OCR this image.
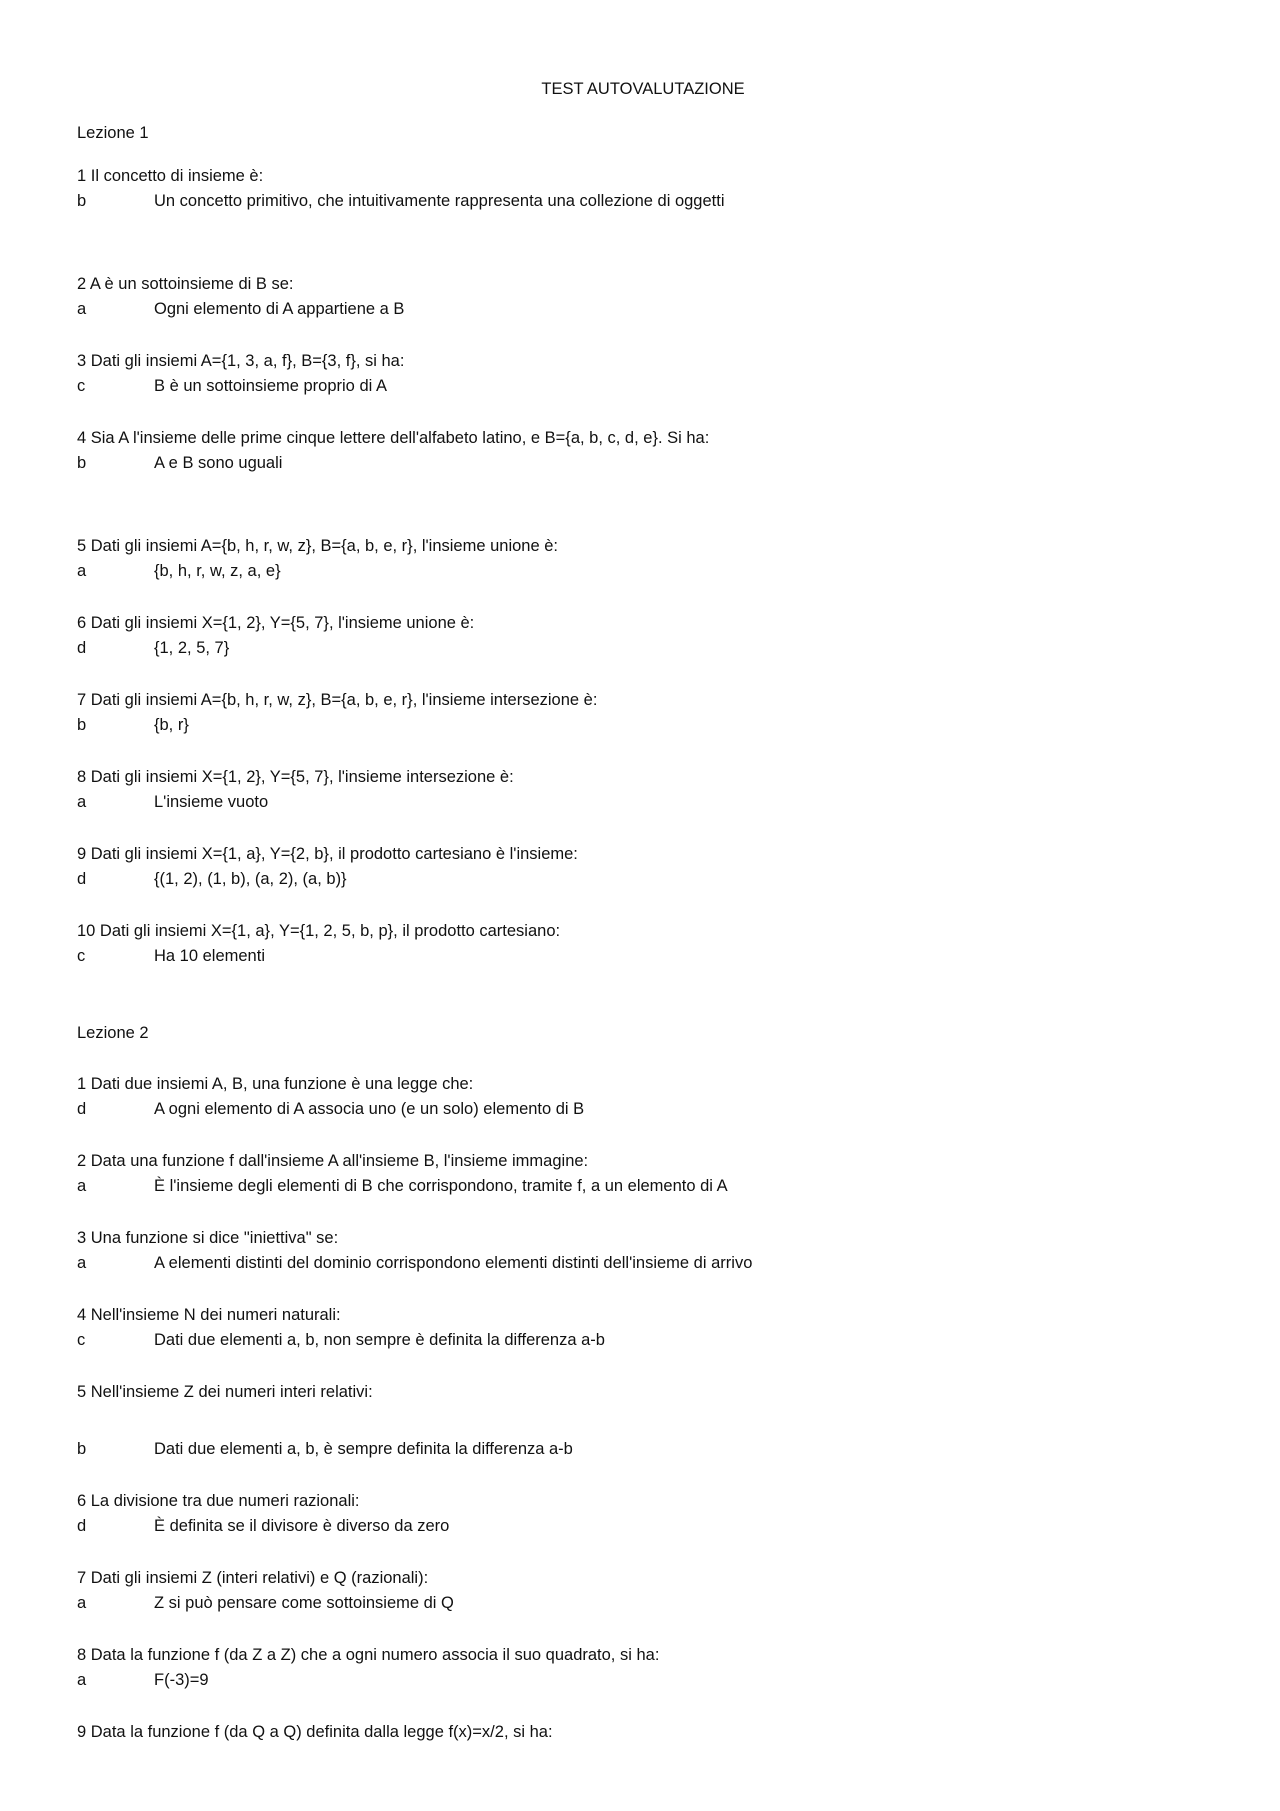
TEST AUTOVALUTAZIONE
Lezione 1
1 Il concetto di insieme è:
b	Un concetto primitivo, che intuitivamente rappresenta una collezione di oggetti
2 A è un sottoinsieme di B se:
a	Ogni elemento di A appartiene a B
3 Dati gli insiemi A={1, 3, a, f}, B={3, f}, si ha:
c	B è un sottoinsieme proprio di A
4 Sia A l'insieme delle prime cinque lettere dell'alfabeto latino, e B={a, b, c, d, e}. Si ha:
b	A e B sono uguali
5 Dati gli insiemi A={b, h, r, w, z}, B={a, b, e, r}, l'insieme unione è:
a	{b, h, r, w, z, a, e}
6 Dati gli insiemi X={1, 2}, Y={5, 7}, l'insieme unione è:
d	{1, 2, 5, 7}
7 Dati gli insiemi A={b, h, r, w, z}, B={a, b, e, r}, l'insieme intersezione è:
b	{b, r}
8 Dati gli insiemi X={1, 2}, Y={5, 7}, l'insieme intersezione è:
a	L'insieme vuoto
9 Dati gli insiemi X={1, a}, Y={2, b}, il prodotto cartesiano è l'insieme:
d	{(1, 2), (1, b), (a, 2), (a, b)}
10 Dati gli insiemi X={1, a}, Y={1, 2, 5, b, p}, il prodotto cartesiano:
c	Ha 10 elementi
Lezione 2
1 Dati due insiemi A, B, una funzione è una legge che:
d	A ogni elemento di A associa uno (e un solo) elemento di B
2 Data una funzione f dall'insieme A all'insieme B, l'insieme immagine:
a	È l'insieme degli elementi di B che corrispondono, tramite f, a un elemento di A
3 Una funzione si dice "iniettiva" se:
a	A elementi distinti del dominio corrispondono elementi distinti dell'insieme di arrivo
4 Nell'insieme N dei numeri naturali:
c	Dati due elementi a, b, non sempre è definita la differenza a-b
5 Nell'insieme Z dei numeri interi relativi:
b	Dati due elementi a, b, è sempre definita la differenza a-b
6 La divisione tra due numeri razionali:
d	È definita se il divisore è diverso da zero
7 Dati gli insiemi Z (interi relativi) e Q (razionali):
a	Z si può pensare come sottoinsieme di Q
8 Data la funzione f (da Z a Z) che a ogni numero associa il suo quadrato, si ha:
a	F(-3)=9
9 Data la funzione f (da Q a Q) definita dalla legge f(x)=x/2, si ha:
